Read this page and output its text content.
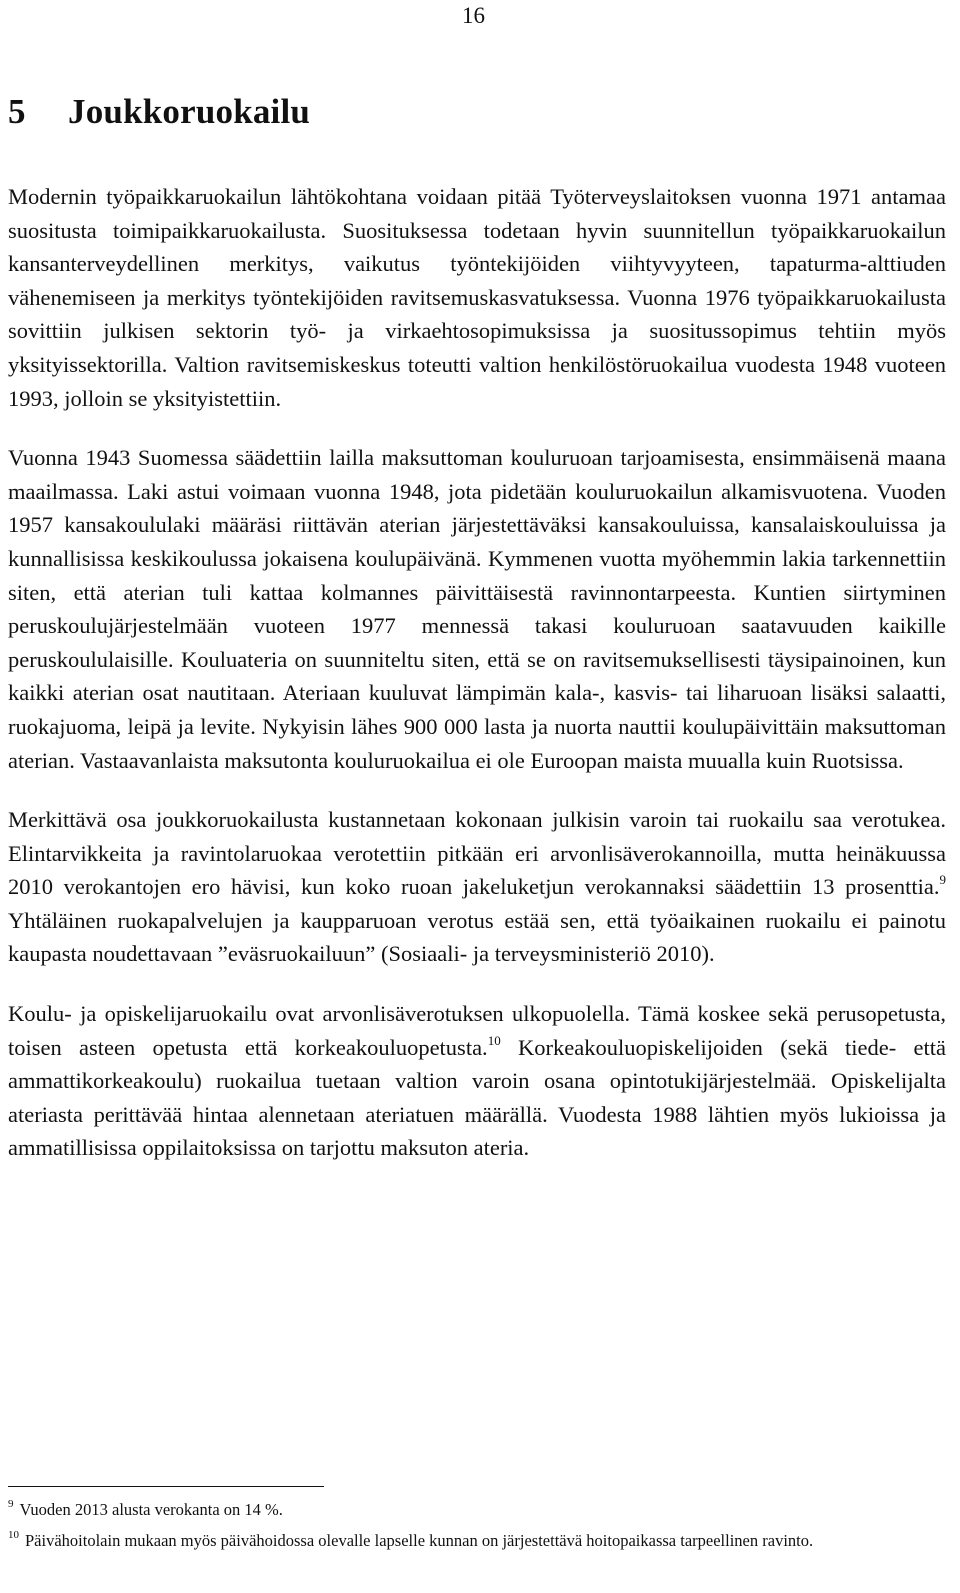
16
5 Joukkoruokailu

Modernin työpaikkaruokailun lähtökohtana voidaan pitää Työterveyslaitoksen vuonna 1971 antamaa suositusta toimipaikkaruokailusta. Suosituksessa todetaan hyvin suunnitellun työpaikkaruokailun kansanterveydellinen merkitys, vaikutus työntekijöiden viihtyvyyteen, tapaturma-alttiuden vähenemiseen ja merkitys työntekijöiden ravitsemuskasvatuksessa. Vuonna 1976 työpaikkaruokailusta sovittiin julkisen sektorin työ- ja virkaehtosopimuksissa ja suositussopimus tehtiin myös yksityissektorilla. Valtion ravitsemiskeskus toteutti valtion henkilöstöruokailua vuodesta 1948 vuoteen 1993, jolloin se yksityistettiin.

Vuonna 1943 Suomessa säädettiin lailla maksuttoman kouluruoan tarjoamisesta, ensimmäisenä maana maailmassa. Laki astui voimaan vuonna 1948, jota pidetään kouluruokailun alkamisvuotena. Vuoden 1957 kansakoululaki määräsi riittävän aterian järjestettäväksi kansakouluissa, kansalaiskouluissa ja kunnallisissa keskikoulussa jokaisena koulupäivänä. Kymmenen vuotta myöhemmin lakia tarkennettiin siten, että aterian tuli kattaa kolmannes päivittäisestä ravinnontarpeesta. Kuntien siirtyminen peruskoulujärjestelmään vuoteen 1977 mennessä takasi kouluruoan saatavuuden kaikille peruskoululaisille. Kouluateria on suunniteltu siten, että se on ravitsemuksellisesti täysipainoinen, kun kaikki aterian osat nautitaan. Ateriaan kuuluvat lämpimän kala-, kasvis- tai liharuoan lisäksi salaatti, ruokajuoma, leipä ja levite. Nykyisin lähes 900 000 lasta ja nuorta nauttii koulupäivittäin maksuttoman aterian. Vastaavanlaista maksutonta kouluruokailua ei ole Euroopan maista muualla kuin Ruotsissa.

Merkittävä osa joukkoruokailusta kustannetaan kokonaan julkisin varoin tai ruokailu saa verotukea. Elintarvikkeita ja ravintolaruokaa verotettiin pitkään eri arvonlisäverokannoilla, mutta heinäkuussa 2010 verokantojen ero hävisi, kun koko ruoan jakeluketjun verokannaksi säädettiin 13 prosenttia.$^9$ Yhtäläinen ruokapalvelujen ja kaupparuoan verotus estää sen, että työaikainen ruokailu ei painotu kaupasta noudettavaan ”eväsruokailuun” (Sosiaali- ja terveysministeriö 2010).

Koulu- ja opiskelijaruokailu ovat arvonlisäverotuksen ulkopuolella. Tämä koskee sekä perusopetusta, toisen asteen opetusta että korkeakouluopetusta.$^{10}$ Korkeakouluopiskelijoiden (sekä tiede- että ammattikorkeakoulu) ruokailua tuetaan valtion varoin osana opintotukijärjestelmää. Opiskelijalta ateriasta perittävää hintaa alennetaan ateriatuen määrällä. Vuodesta 1988 lähtien myös lukioissa ja ammatillisissa oppilaitoksissa on tarjottu maksuton ateria.

$^9$ Vuoden 2013 alusta verokanta on 14 %.

$^{10}$ Päivähoitolain mukaan myös päivähoidossa olevalle lapselle kunnan on järjestettävä hoitopaikassa tarpeellinen ravinto.
